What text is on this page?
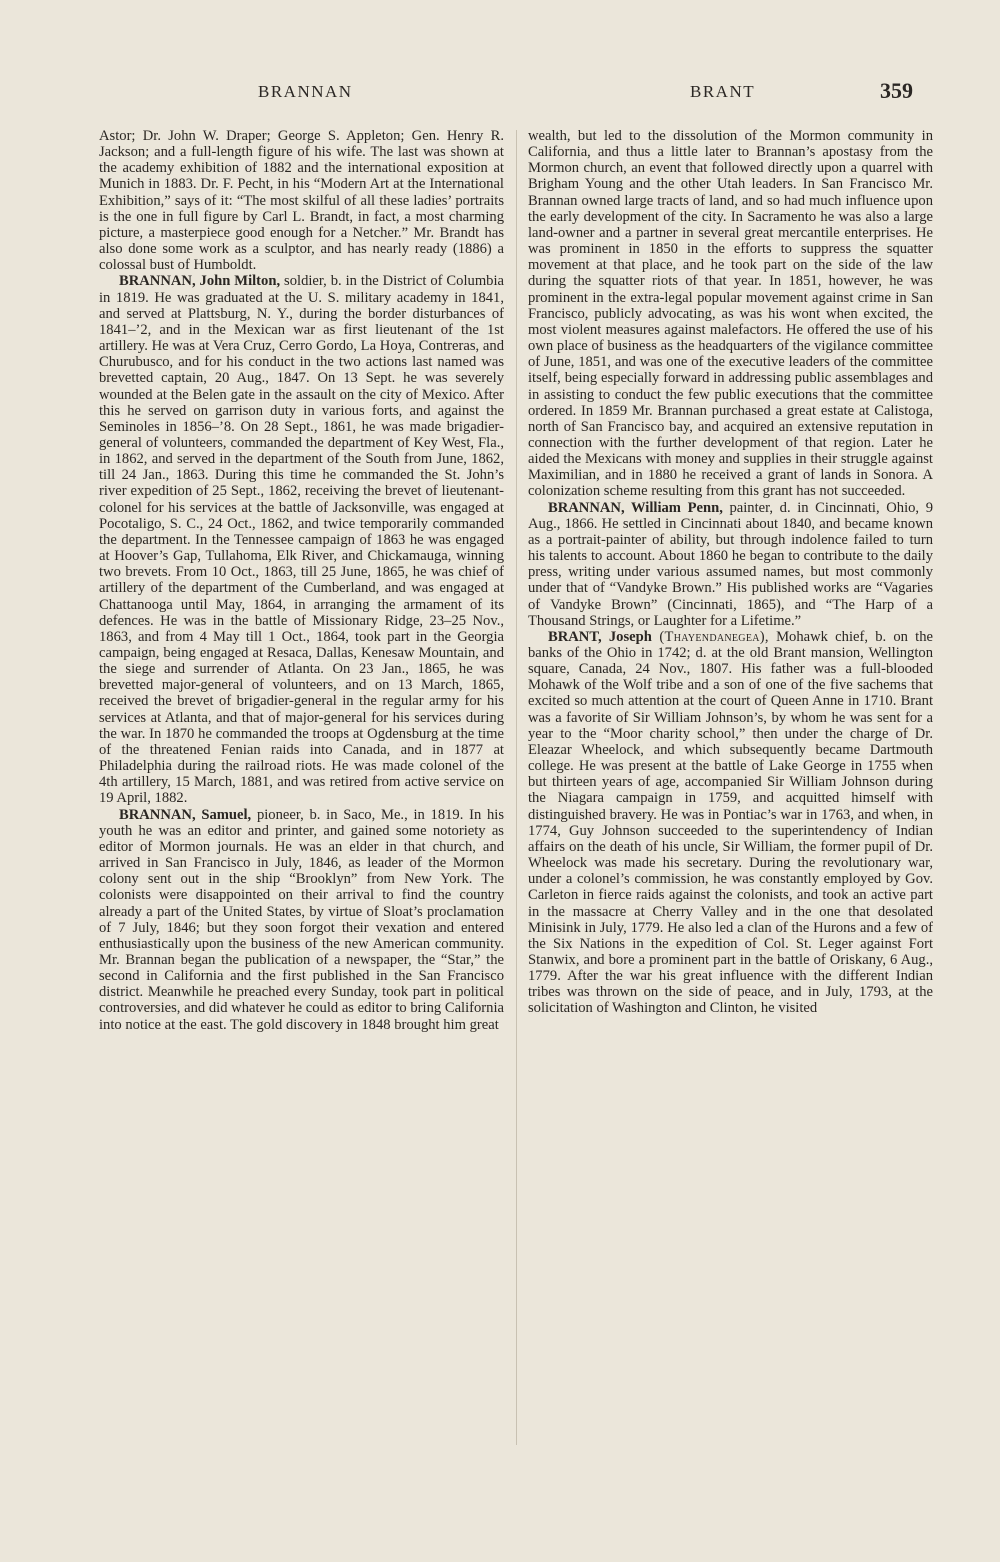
BRANNAN	BRANT	359

Astor; Dr. John W. Draper; George S. Appleton; Gen. Henry R. Jackson; and a full-length figure of his wife. The last was shown at the academy exhibition of 1882 and the international exposition at Munich in 1883. Dr. F. Pecht, in his “Modern Art at the International Exhibition,” says of it: “The most skilful of all these ladies’ portraits is the one in full figure by Carl L. Brandt, in fact, a most charming picture, a masterpiece good enough for a Netcher.” Mr. Brandt has also done some work as a sculptor, and has nearly ready (1886) a colossal bust of Humboldt.

BRANNAN, John Milton, soldier, b. in the District of Columbia in 1819. He was graduated at the U. S. military academy in 1841, and served at Plattsburg, N. Y., during the border disturbances of 1841–’2, and in the Mexican war as first lieutenant of the 1st artillery. He was at Vera Cruz, Cerro Gordo, La Hoya, Contreras, and Churubusco, and for his conduct in the two actions last named was brevetted captain, 20 Aug., 1847. On 13 Sept. he was severely wounded at the Belen gate in the assault on the city of Mexico. After this he served on garrison duty in various forts, and against the Seminoles in 1856–’8. On 28 Sept., 1861, he was made brigadier-general of volunteers, commanded the department of Key West, Fla., in 1862, and served in the department of the South from June, 1862, till 24 Jan., 1863. During this time he commanded the St. John’s river expedition of 25 Sept., 1862, receiving the brevet of lieutenant-colonel for his services at the battle of Jacksonville, was engaged at Pocotaligo, S. C., 24 Oct., 1862, and twice temporarily commanded the department. In the Tennessee campaign of 1863 he was engaged at Hoover’s Gap, Tullahoma, Elk River, and Chickamauga, winning two brevets. From 10 Oct., 1863, till 25 June, 1865, he was chief of artillery of the department of the Cumberland, and was engaged at Chattanooga until May, 1864, in arranging the armament of its defences. He was in the battle of Missionary Ridge, 23–25 Nov., 1863, and from 4 May till 1 Oct., 1864, took part in the Georgia campaign, being engaged at Resaca, Dallas, Kenesaw Mountain, and the siege and surrender of Atlanta. On 23 Jan., 1865, he was brevetted major-general of volunteers, and on 13 March, 1865, received the brevet of brigadier-general in the regular army for his services at Atlanta, and that of major-general for his services during the war. In 1870 he commanded the troops at Ogdensburg at the time of the threatened Fenian raids into Canada, and in 1877 at Philadelphia during the railroad riots. He was made colonel of the 4th artillery, 15 March, 1881, and was retired from active service on 19 April, 1882.

BRANNAN, Samuel, pioneer, b. in Saco, Me., in 1819. In his youth he was an editor and printer, and gained some notoriety as editor of Mormon journals. He was an elder in that church, and arrived in San Francisco in July, 1846, as leader of the Mormon colony sent out in the ship “Brooklyn” from New York. The colonists were disappointed on their arrival to find the country already a part of the United States, by virtue of Sloat’s proclamation of 7 July, 1846; but they soon forgot their vexation and entered enthusiastically upon the business of the new American community. Mr. Brannan began the publication of a newspaper, the “Star,” the second in California and the first published in the San Francisco district. Meanwhile he preached every Sunday, took part in political controversies, and did whatever he could as editor to bring California into notice at the east. The gold discovery in 1848 brought him great

wealth, but led to the dissolution of the Mormon community in California, and thus a little later to Brannan’s apostasy from the Mormon church, an event that followed directly upon a quarrel with Brigham Young and the other Utah leaders. In San Francisco Mr. Brannan owned large tracts of land, and so had much influence upon the early development of the city. In Sacramento he was also a large land-owner and a partner in several great mercantile enterprises. He was prominent in 1850 in the efforts to suppress the squatter movement at that place, and he took part on the side of the law during the squatter riots of that year. In 1851, however, he was prominent in the extra-legal popular movement against crime in San Francisco, publicly advocating, as was his wont when excited, the most violent measures against malefactors. He offered the use of his own place of business as the headquarters of the vigilance committee of June, 1851, and was one of the executive leaders of the committee itself, being especially forward in addressing public assemblages and in assisting to conduct the few public executions that the committee ordered. In 1859 Mr. Brannan purchased a great estate at Calistoga, north of San Francisco bay, and acquired an extensive reputation in connection with the further development of that region. Later he aided the Mexicans with money and supplies in their struggle against Maximilian, and in 1880 he received a grant of lands in Sonora. A colonization scheme resulting from this grant has not succeeded.

BRANNAN, William Penn, painter, d. in Cincinnati, Ohio, 9 Aug., 1866. He settled in Cincinnati about 1840, and became known as a portrait-painter of ability, but through indolence failed to turn his talents to account. About 1860 he began to contribute to the daily press, writing under various assumed names, but most commonly under that of “Vandyke Brown.” His published works are “Vagaries of Vandyke Brown” (Cincinnati, 1865), and “The Harp of a Thousand Strings, or Laughter for a Lifetime.”

BRANT, Joseph (Thayendanegea), Mohawk chief, b. on the banks of the Ohio in 1742; d. at the old Brant mansion, Wellington square, Canada, 24 Nov., 1807. His father was a full-blooded Mohawk of the Wolf tribe and a son of one of the five sachems that excited so much attention at the court of Queen Anne in 1710. Brant was a favorite of Sir William Johnson’s, by whom he was sent for a year to the “Moor charity school,” then under the charge of Dr. Eleazar Wheelock, and which subsequently became Dartmouth college. He was present at the battle of Lake George in 1755 when but thirteen years of age, accompanied Sir William Johnson during the Niagara campaign in 1759, and acquitted himself with distinguished bravery. He was in Pontiac’s war in 1763, and when, in 1774, Guy Johnson succeeded to the superintendency of Indian affairs on the death of his uncle, Sir William, the former pupil of Dr. Wheelock was made his secretary. During the revolutionary war, under a colonel’s commission, he was constantly employed by Gov. Carleton in fierce raids against the colonists, and took an active part in the massacre at Cherry Valley and in the one that desolated Minisink in July, 1779. He also led a clan of the Hurons and a few of the Six Nations in the expedition of Col. St. Leger against Fort Stanwix, and bore a prominent part in the battle of Oriskany, 6 Aug., 1779. After the war his great influence with the different Indian tribes was thrown on the side of peace, and in July, 1793, at the solicitation of Washington and Clinton, he visited
